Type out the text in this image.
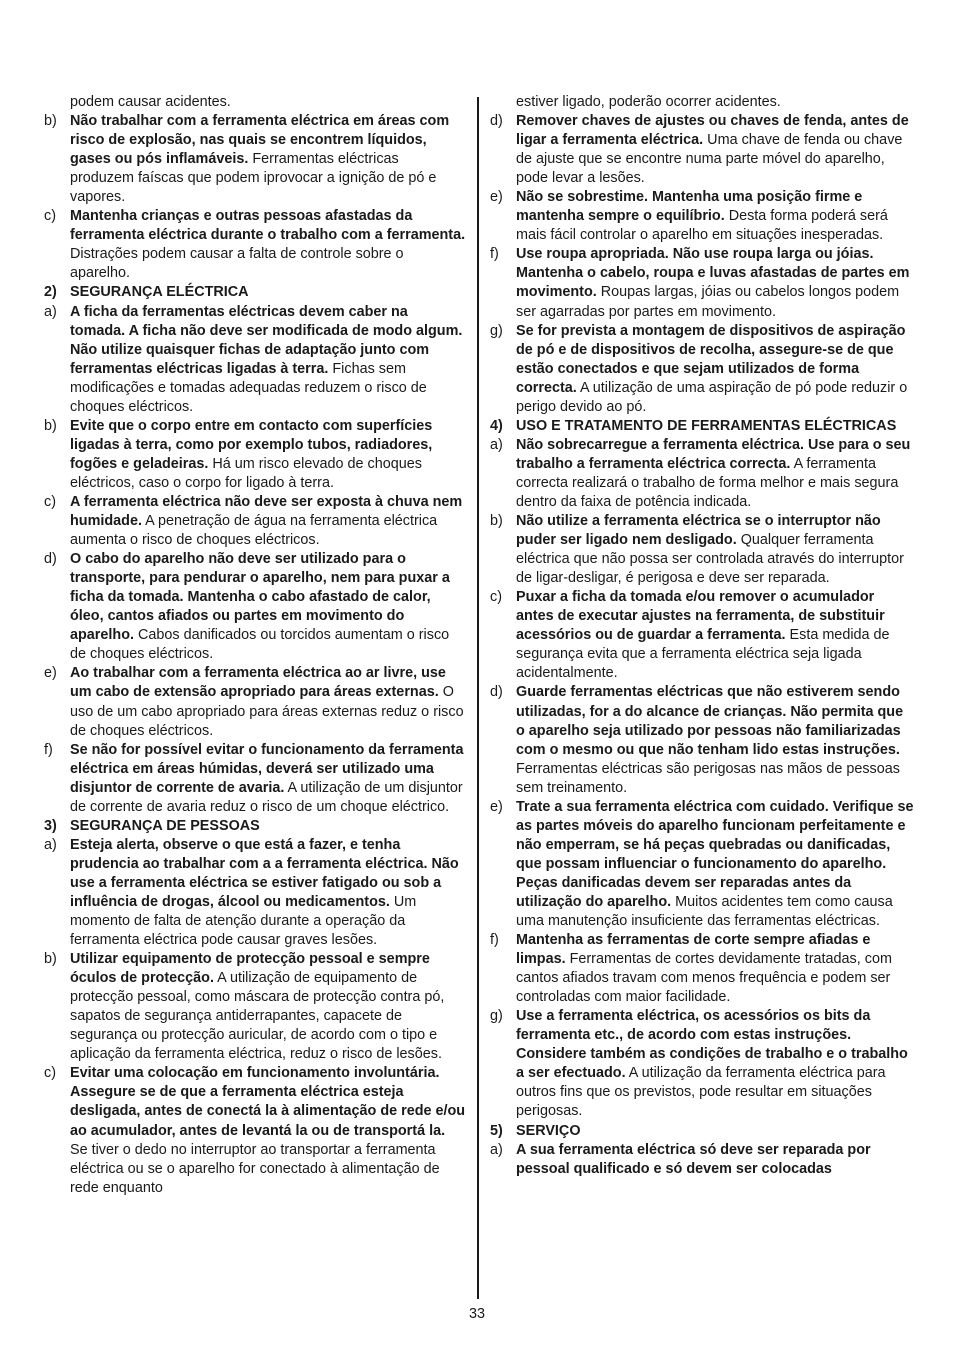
podem causar acidentes.
b) Não trabalhar com a ferramenta eléctrica em áreas com risco de explosão, nas quais se encontrem líquidos, gases ou pós inflamáveis. Ferramentas eléctricas produzem faíscas que podem iprovocar a ignição de pó e vapores.
c) Mantenha crianças e outras pessoas afastadas da ferramenta eléctrica durante o trabalho com a ferramenta. Distrações podem causar a falta de controle sobre o aparelho.
2) SEGURANÇA ELÉCTRICA
a) A ficha da ferramentas eléctricas devem caber na tomada. A ficha não deve ser modificada de modo algum. Não utilize quaisquer fichas de adaptação junto com ferramentas eléctricas ligadas à terra. Fichas sem modificações e tomadas adequadas reduzem o risco de choques eléctricos.
b) Evite que o corpo entre em contacto com superfícies ligadas à terra, como por exemplo tubos, radiadores, fogões e geladeiras. Há um risco elevado de choques eléctricos, caso o corpo for ligado à terra.
c) A ferramenta eléctrica não deve ser exposta à chuva nem humidade. A penetração de água na ferramenta eléctrica aumenta o risco de choques eléctricos.
d) O cabo do aparelho não deve ser utilizado para o transporte, para pendurar o aparelho, nem para puxar a ficha da tomada. Mantenha o cabo afastado de calor, óleo, cantos afiados ou partes em movimento do aparelho. Cabos danificados ou torcidos aumentam o risco de choques eléctricos.
e) Ao trabalhar com a ferramenta eléctrica ao ar livre, use um cabo de extensão apropriado para áreas externas. O uso de um cabo apropriado para áreas externas reduz o risco de choques eléctricos.
f) Se não for possível evitar o funcionamento da ferramenta eléctrica em áreas húmidas, deverá ser utilizado uma disjuntor de corrente de avaria. A utilização de um disjuntor de corrente de avaria reduz o risco de um choque eléctrico.
3) SEGURANÇA DE PESSOAS
a) Esteja alerta, observe o que está a fazer, e tenha prudencia ao trabalhar com a a ferramenta eléctrica. Não use a ferramenta eléctrica se estiver fatigado ou sob a influência de drogas, álcool ou medicamentos. Um momento de falta de atenção durante a operação da ferramenta eléctrica pode causar graves lesões.
b) Utilizar equipamento de protecção pessoal e sempre óculos de protecção. A utilização de equipamento de protecção pessoal, como máscara de protecção contra pó, sapatos de segurança antiderrapantes, capacete de segurança ou protecção auricular, de acordo com o tipo e aplicação da ferramenta eléctrica, reduz o risco de lesões.
c) Evitar uma colocação em funcionamento involuntária. Assegure se de que a ferramenta eléctrica esteja desligada, antes de conectá la à alimentação de rede e/ou ao acumulador, antes de levantá la ou de transportá la. Se tiver o dedo no interruptor ao transportar a ferramenta eléctrica ou se o aparelho for conectado à alimentação de rede enquanto
estiver ligado, poderão ocorrer acidentes.
d) Remover chaves de ajustes ou chaves de fenda, antes de ligar a ferramenta eléctrica. Uma chave de fenda ou chave de ajuste que se encontre numa parte móvel do aparelho, pode levar a lesões.
e) Não se sobrestime. Mantenha uma posição firme e mantenha sempre o equilíbrio. Desta forma poderá será mais fácil controlar o aparelho em situações inesperadas.
f) Use roupa apropriada. Não use roupa larga ou jóias. Mantenha o cabelo, roupa e luvas afastadas de partes em movimento. Roupas largas, jóias ou cabelos longos podem ser agarradas por partes em movimento.
g) Se for prevista a montagem de dispositivos de aspiração de pó e de dispositivos de recolha, assegure-se de que estão conectados e que sejam utilizados de forma correcta. A utilização de uma aspiração de pó pode reduzir o perigo devido ao pó.
4) USO E TRATAMENTO DE FERRAMENTAS ELÉCTRICAS
a) Não sobrecarregue a ferramenta eléctrica. Use para o seu trabalho a ferramenta eléctrica correcta. A ferramenta correcta realizará o trabalho de forma melhor e mais segura dentro da faixa de potência indicada.
b) Não utilize a ferramenta eléctrica se o interruptor não puder ser ligado nem desligado. Qualquer ferramenta eléctrica que não possa ser controlada através do interruptor de ligar-desligar, é perigosa e deve ser reparada.
c) Puxar a ficha da tomada e/ou remover o acumulador antes de executar ajustes na ferramenta, de substituir acessórios ou de guardar a ferramenta. Esta medida de segurança evita que a ferramenta eléctrica seja ligada acidentalmente.
d) Guarde ferramentas eléctricas que não estiverem sendo utilizadas, for a do alcance de crianças. Não permita que o aparelho seja utilizado por pessoas não familiarizadas com o mesmo ou que não tenham lido estas instruções. Ferramentas eléctricas são perigosas nas mãos de pessoas sem treinamento.
e) Trate a sua ferramenta eléctrica com cuidado. Verifique se as partes móveis do aparelho funcionam perfeitamente e não emperram, se há peças quebradas ou danificadas, que possam influenciar o funcionamento do aparelho. Peças danificadas devem ser reparadas antes da utilização do aparelho. Muitos acidentes tem como causa uma manutenção insuficiente das ferramentas eléctricas.
f) Mantenha as ferramentas de corte sempre afiadas e limpas. Ferramentas de cortes devidamente tratadas, com cantos afiados travam com menos frequência e podem ser controladas com maior facilidade.
g) Use a ferramenta eléctrica, os acessórios os bits da ferramenta etc., de acordo com estas instruções. Considere também as condições de trabalho e o trabalho a ser efectuado. A utilização da ferramenta eléctrica para outros fins que os previstos, pode resultar em situações perigosas.
5) SERVIÇO
a) A sua ferramenta eléctrica só deve ser reparada por pessoal qualificado e só devem ser colocadas
33
